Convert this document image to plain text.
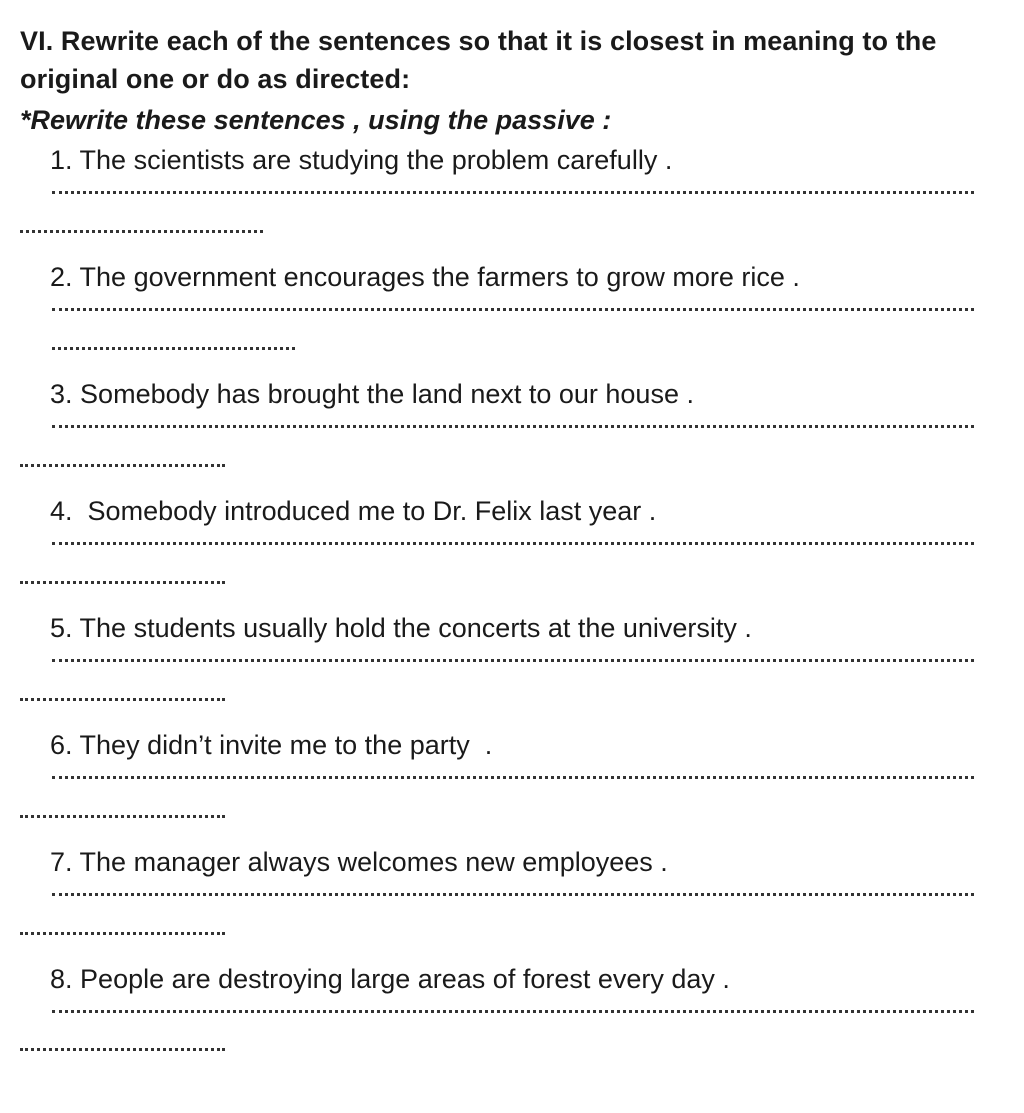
VI. Rewrite each of the sentences so that it is closest in meaning to the original one or do as directed:
*Rewrite these sentences , using the passive :
1. The scientists are studying the problem carefully .
2. The government encourages the farmers to grow more rice .
3. Somebody has brought the land next to our house .
4.  Somebody introduced me to Dr. Felix last year .
5. The students usually hold the concerts at the university .
6. They didn’t invite me to the party  .
7. The manager always welcomes new employees .
8. People are destroying large areas of forest every day .
